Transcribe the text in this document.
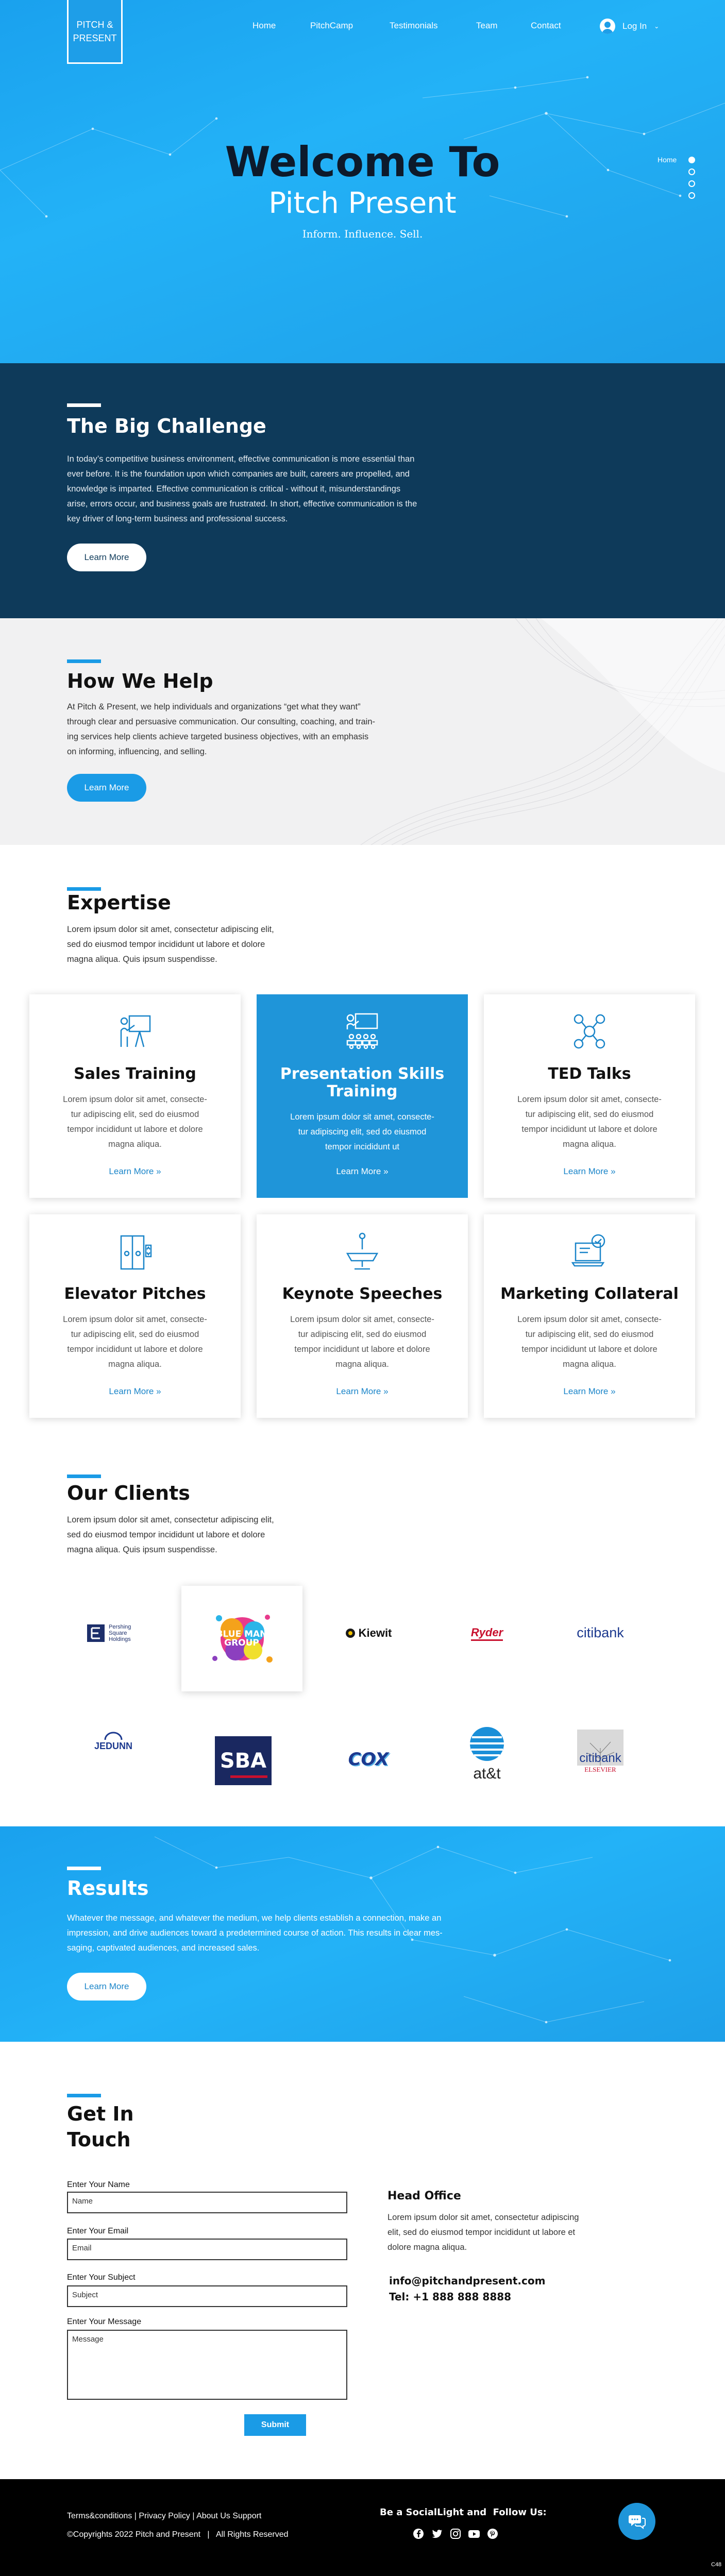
PITCH &
PRESENT
Home	PitchCamp	Testimonials	Team	Contact	Log In ⌄
Welcome To
Pitch Present
Inform. Influence. Sell.
Home
The Big Challenge
In today’s competitive business environment, effective communication is more essential than
ever before. It is the foundation upon which companies are built, careers are propelled, and
knowledge is imparted. Effective communication is critical - without it, misunderstandings
arise, errors occur, and business goals are frustrated. In short, effective communication is the
key driver of long-term business and professional success.
Learn More
How We Help
At Pitch & Present, we help individuals and organizations “get what they want”
through clear and persuasive communication. Our consulting, coaching, and train-
ing services help clients achieve targeted business objectives, with an emphasis
on informing, influencing, and selling.
Learn More
Expertise
Lorem ipsum dolor sit amet, consectetur adipiscing elit,
sed do eiusmod tempor incididunt ut labore et dolore
magna aliqua. Quis ipsum suspendisse.
Sales Training
Lorem ipsum dolor sit amet, consecte-
tur adipiscing elit, sed do eiusmod
tempor incididunt ut labore et dolore
magna aliqua.
Learn More »
Presentation Skills
Training
Lorem ipsum dolor sit amet, consecte-
tur adipiscing elit, sed do eiusmod
tempor incididunt ut
Learn More »
TED Talks
Lorem ipsum dolor sit amet, consecte-
tur adipiscing elit, sed do eiusmod
tempor incididunt ut labore et dolore
magna aliqua.
Learn More »
Elevator Pitches
Lorem ipsum dolor sit amet, consecte-
tur adipiscing elit, sed do eiusmod
tempor incididunt ut labore et dolore
magna aliqua.
Learn More »
Keynote Speeches
Lorem ipsum dolor sit amet, consecte-
tur adipiscing elit, sed do eiusmod
tempor incididunt ut labore et dolore
magna aliqua.
Learn More »
Marketing Collateral
Lorem ipsum dolor sit amet, consecte-
tur adipiscing elit, sed do eiusmod
tempor incididunt ut labore et dolore
magna aliqua.
Learn More »
Our Clients
Lorem ipsum dolor sit amet, consectetur adipiscing elit,
sed do eiusmod tempor incididunt ut labore et dolore
magna aliqua. Quis ipsum suspendisse.
Pershing Square Holdings	BLUE MAN GROUP
Kiewit	Ryder	citibank
JEDUNN
SBA	COX
at&t
citibank
ELSEVIER
Results
Whatever the message, and whatever the medium, we help clients establish a connection, make an
impression, and drive audiences toward a predetermined course of action. This results in clear mes-
saging, captivated audiences, and increased sales.
Learn More
Get In
Touch
Enter Your Name
Name
Enter Your Email
Email
Enter Your Subject
Subject
Enter Your Message
Message
Submit
Head Office
Lorem ipsum dolor sit amet, consectetur adipiscing
elit, sed do eiusmod tempor incididunt ut labore et
dolore magna aliqua.
info@pitchandpresent.com
Tel: +1 888 888 8888
Terms&conditions | Privacy Policy | About Us Support
©Copyrights 2022 Pitch and Present   |   All Rights Reserved
Be a SocialLight and  Follow Us:
C48
